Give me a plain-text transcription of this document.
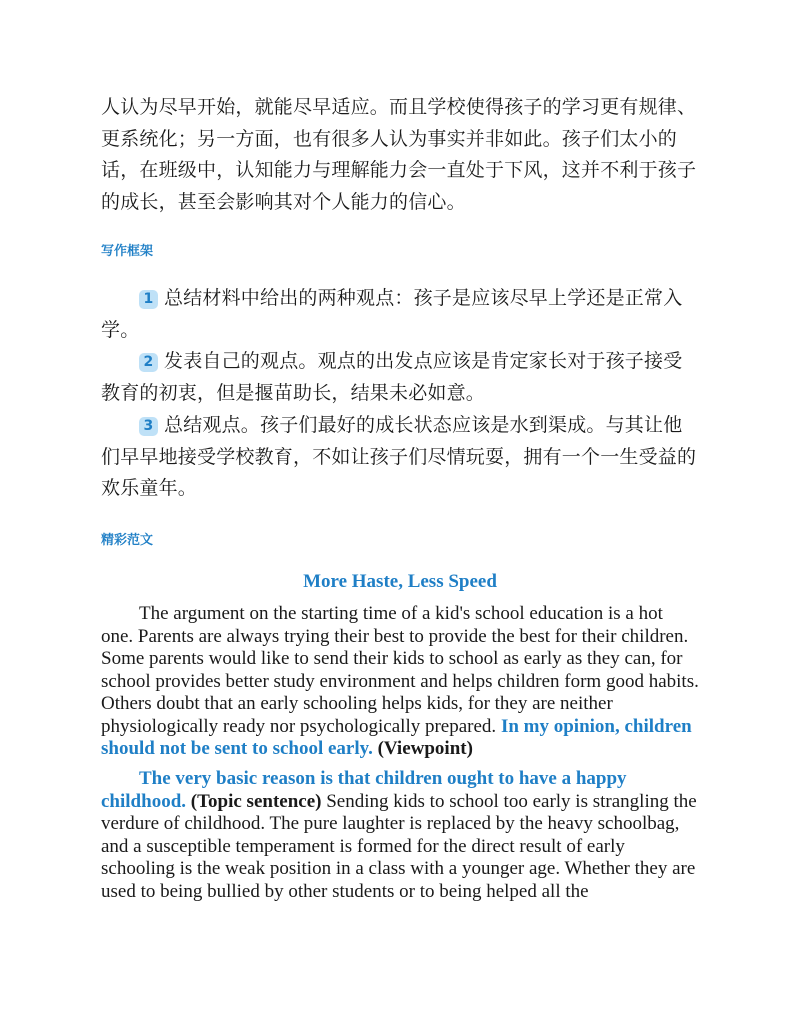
人认为尽早开始，就能尽早适应。而且学校使得孩子的学习更有规律、更系统化；另一方面，也有很多人认为事实并非如此。孩子们太小的话，在班级中，认知能力与理解能力会一直处于下风，这并不利于孩子的成长，甚至会影响其对个人能力的信心。

写作框架

1 总结材料中给出的两种观点：孩子是应该尽早上学还是正常入学。

2 发表自己的观点。观点的出发点应该是肯定家长对于孩子接受教育的初衷，但是揠苗助长，结果未必如意。

3 总结观点。孩子们最好的成长状态应该是水到渠成。与其让他们早早地接受学校教育，不如让孩子们尽情玩耍，拥有一个一生受益的欢乐童年。

精彩范文
More Haste, Less Speed

The argument on the starting time of a kid's school education is a hot one. Parents are always trying their best to provide the best for their children. Some parents would like to send their kids to school as early as they can, for school provides better study environment and helps children form good habits. Others doubt that an early schooling helps kids, for they are neither physiologically ready nor psychologically prepared. In my opinion, children should not be sent to school early. (Viewpoint)

The very basic reason is that children ought to have a happy childhood. (Topic sentence) Sending kids to school too early is strangling the verdure of childhood. The pure laughter is replaced by the heavy schoolbag, and a susceptible temperament is formed for the direct result of early schooling is the weak position in a class with a younger age. Whether they are used to being bullied by other students or to being helped all the
